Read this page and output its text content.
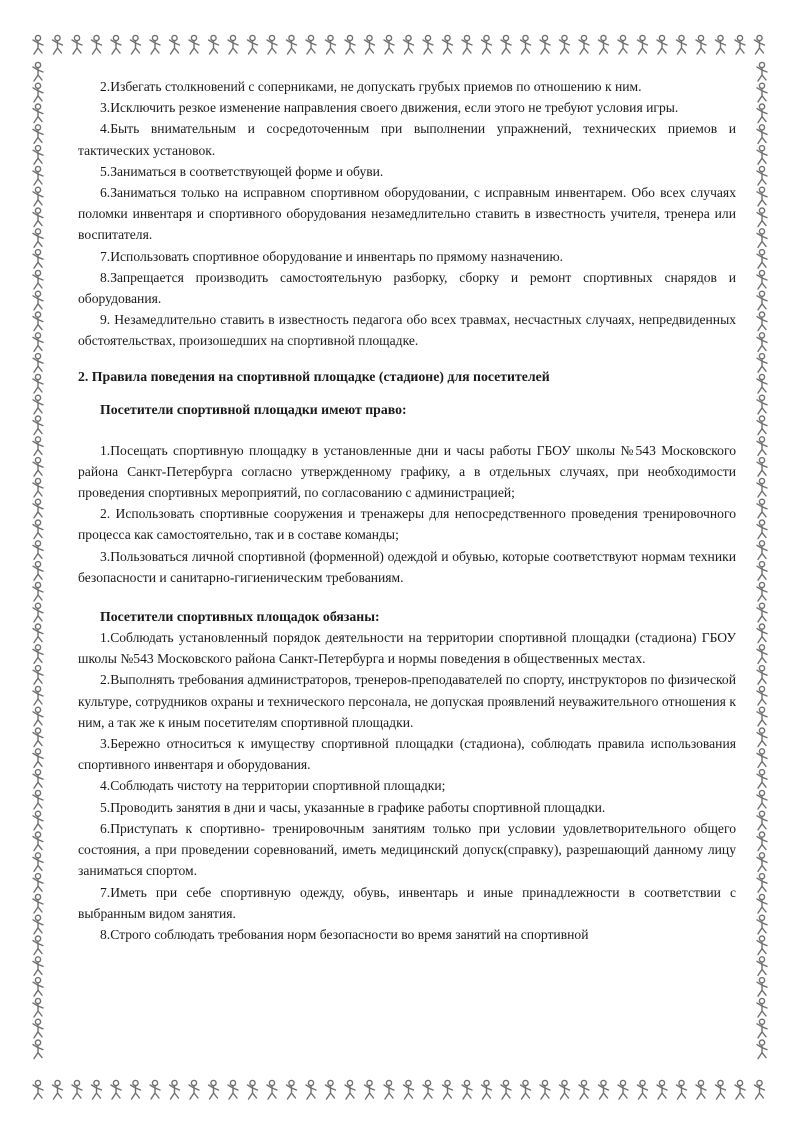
2.Избегать столкновений с соперниками, не допускать грубых приемов по отношению к ним.

3.Исключить резкое изменение направления своего движения, если этого не требуют условия игры.

4.Быть внимательным и сосредоточенным при выполнении упражнений, технических приемов и тактических установок.

5.Заниматься в соответствующей форме и обуви.

6.Заниматься только на исправном спортивном оборудовании, с исправным инвентарем. Обо всех случаях поломки инвентаря и спортивного оборудования незамедлительно ставить в известность учителя, тренера или воспитателя.

7.Использовать спортивное оборудование и инвентарь по прямому назначению.

8.Запрещается производить самостоятельную разборку, сборку и ремонт спортивных снарядов и оборудования.

9. Незамедлительно ставить в известность педагога обо всех травмах, несчастных случаях, непредвиденных обстоятельствах, произошедших на спортивной площадке.

2. Правила поведения на спортивной площадке (стадионе) для посетителей
Посетители спортивной площадки имеют право:

1.Посещать спортивную площадку в установленные дни и часы работы ГБОУ школы №543 Московского района Санкт-Петербурга согласно утвержденному графику, а в отдельных случаях, при необходимости проведения спортивных мероприятий, по согласованию с администрацией;

2. Использовать спортивные сооружения и тренажеры для непосредственного проведения тренировочного процесса как самостоятельно, так и в составе команды;

3.Пользоваться личной спортивной (форменной) одеждой и обувью, которые соответствуют нормам техники безопасности и санитарно-гигиеническим требованиям.

Посетители спортивных площадок обязаны:

1.Соблюдать установленный порядок деятельности на территории спортивной площадки (стадиона) ГБОУ школы №543 Московского района Санкт-Петербурга и нормы поведения в общественных местах.

2.Выполнять требования администраторов, тренеров-преподавателей по спорту, инструкторов по физической культуре, сотрудников охраны и технического персонала, не допуская проявлений неуважительного отношения к ним, а так же к иным посетителям спортивной площадки.

3.Бережно относиться к имуществу спортивной площадки (стадиона), соблюдать правила использования спортивного инвентаря и оборудования.

4.Соблюдать чистоту на территории спортивной площадки;

5.Проводить занятия в дни и часы, указанные в графике работы спортивной площадки.

6.Приступать к спортивно- тренировочным занятиям только при условии удовлетворительного общего состояния, а при проведении соревнований, иметь медицинский допуск(справку), разрешающий данному лицу заниматься спортом.

7.Иметь при себе спортивную одежду, обувь, инвентарь и иные принадлежности в соответствии с выбранным видом занятия.

8.Строго соблюдать требования норм безопасности во время занятий на спортивной
